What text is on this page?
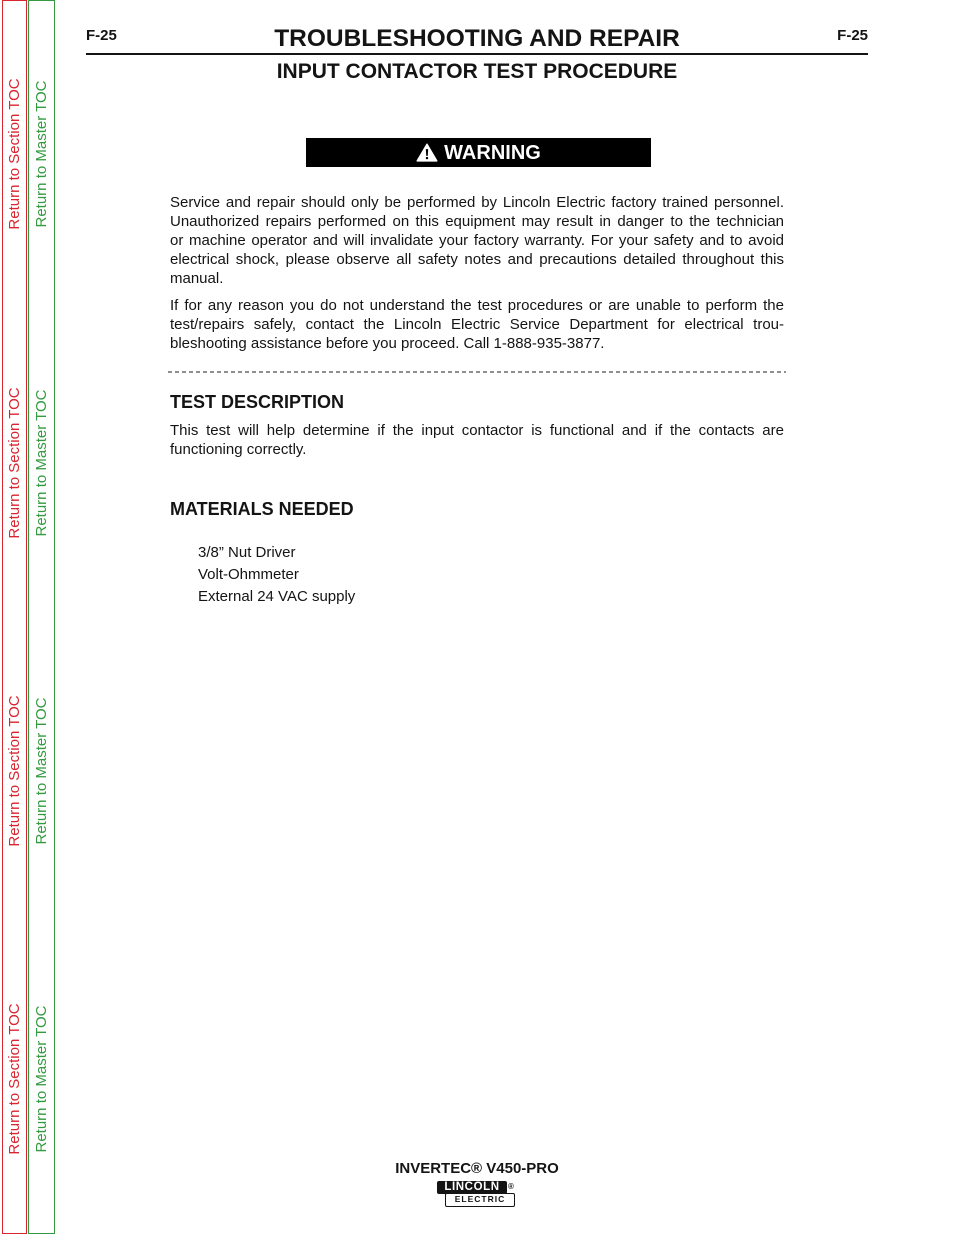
Return to Section TOC
Return to Section TOC
Return to Section TOC
Return to Section TOC
Return to Master TOC
Return to Master TOC
Return to Master TOC
Return to Master TOC
F-25	TROUBLESHOOTING AND REPAIR	F-25
INPUT CONTACTOR TEST PROCEDURE
WARNING
Service and repair should only be performed by Lincoln Electric factory trained personnel.
Unauthorized repairs performed on this equipment may result in danger to the technician
or machine operator and will invalidate your factory warranty. For your safety and to avoid
electrical shock, please observe all safety notes and precautions detailed throughout this
manual.
If for any reason you do not understand the test procedures or are unable to perform the
test/repairs safely, contact the Lincoln Electric Service Department for electrical trou-
bleshooting assistance before you proceed. Call 1-888-935-3877.
TEST DESCRIPTION
This test will help determine if the input contactor is functional and if the contacts are
functioning correctly.
MATERIALS NEEDED
3/8” Nut Driver
Volt-Ohmmeter
External 24 VAC supply
INVERTEC® V450-PRO
LINCOLN	®
ELECTRIC
